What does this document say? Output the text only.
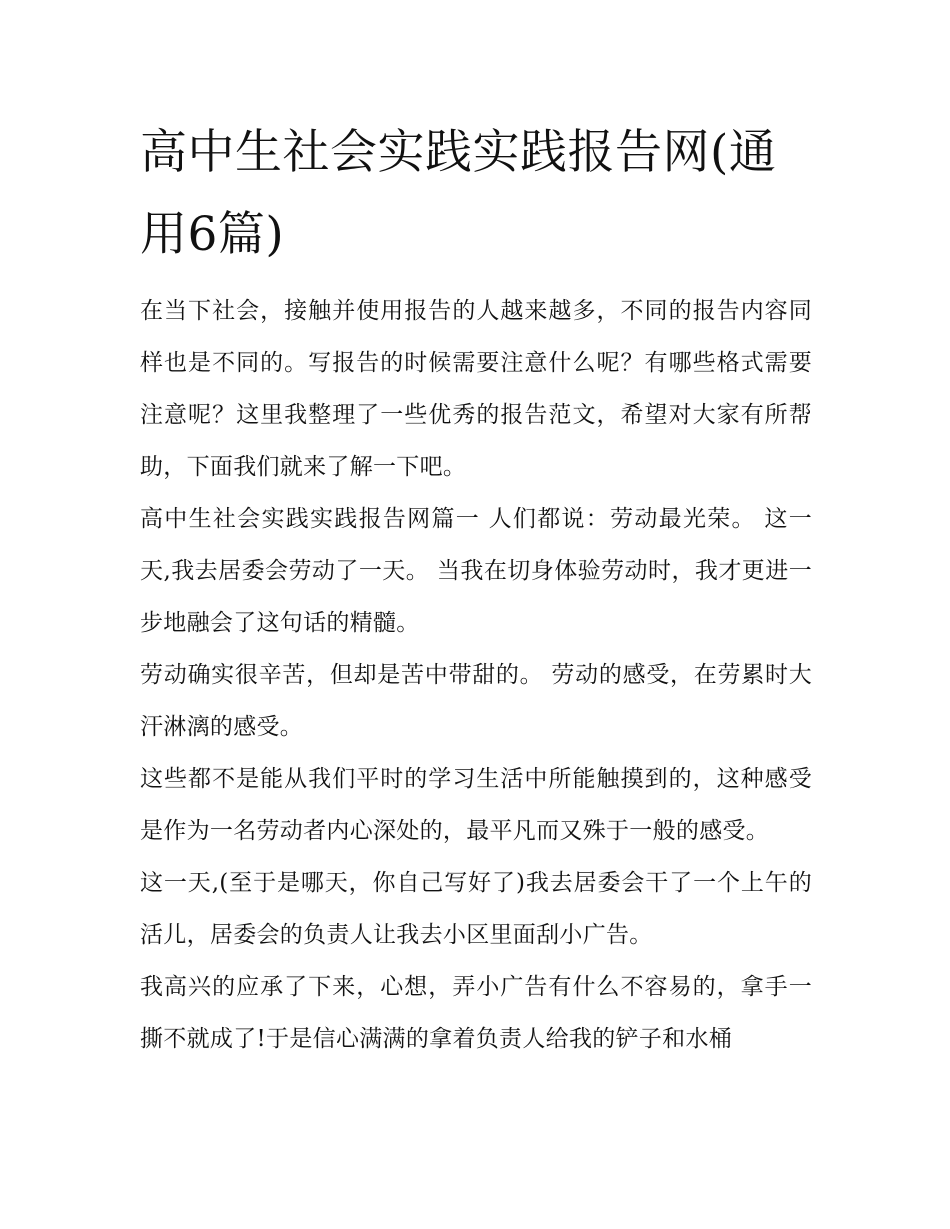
高中生社会实践实践报告网(通用6篇)

在当下社会，接触并使用报告的人越来越多，不同的报告内容同样也是不同的。写报告的时候需要注意什么呢？有哪些格式需要注意呢？这里我整理了一些优秀的报告范文，希望对大家有所帮助，下面我们就来了解一下吧。

高中生社会实践实践报告网篇一 人们都说：劳动最光荣。 这一天,我去居委会劳动了一天。 当我在切身体验劳动时，我才更进一步地融会了这句话的精髓。

劳动确实很辛苦，但却是苦中带甜的。 劳动的感受，在劳累时大汗淋漓的感受。

这些都不是能从我们平时的学习生活中所能触摸到的，这种感受是作为一名劳动者内心深处的，最平凡而又殊于一般的感受。

这一天,(至于是哪天，你自己写好了)我去居委会干了一个上午的活儿，居委会的负责人让我去小区里面刮小广告。

我高兴的应承了下来，心想，弄小广告有什么不容易的，拿手一撕不就成了!于是信心满满的拿着负责人给我的铲子和水桶
